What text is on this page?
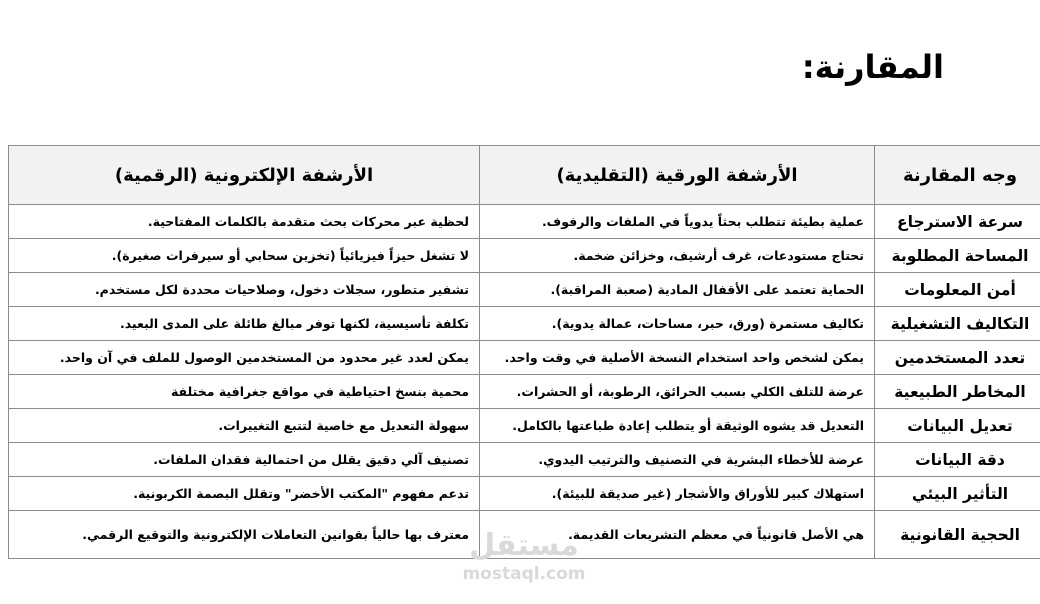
المقارنة:
وجه المقارنة	الأرشفة الورقية (التقليدية)	الأرشفة الإلكترونية (الرقمية)
سرعة الاسترجاع	عملية بطيئة تتطلب بحثاً يدوياً في الملفات والرفوف.	لحظية عبر محركات بحث متقدمة بالكلمات المفتاحية.
المساحة المطلوبة	تحتاج مستودعات، غرف أرشيف، وخزائن ضخمة.	لا تشغل حيزاً فيزيائياً (تخزين سحابي أو سيرفرات صغيرة).
أمن المعلومات	الحماية تعتمد على الأقفال المادية (صعبة المراقبة).	تشفير متطور، سجلات دخول، وصلاحيات محددة لكل مستخدم.
التكاليف التشغيلية	تكاليف مستمرة (ورق، حبر، مساحات، عمالة يدوية).	تكلفة تأسيسية، لكنها توفر مبالغ طائلة على المدى البعيد.
تعدد المستخدمين	يمكن لشخص واحد استخدام النسخة الأصلية في وقت واحد.	يمكن لعدد غير محدود من المستخدمين الوصول للملف في آن واحد.
المخاطر الطبيعية	عرضة للتلف الكلي بسبب الحرائق، الرطوبة، أو الحشرات.	محمية بنسخ احتياطية في مواقع جغرافية مختلفة
تعديل البيانات	التعديل قد يشوه الوثيقة أو يتطلب إعادة طباعتها بالكامل.	سهولة التعديل مع خاصية لتتبع التغييرات.
دقة البيانات	عرضة للأخطاء البشرية في التصنيف والترتيب اليدوي.	تصنيف آلي دقيق يقلل من احتمالية فقدان الملفات.
التأثير البيئي	استهلاك كبير للأوراق والأشجار (غير صديقة للبيئة).	تدعم مفهوم "المكتب الأخضر" وتقلل البصمة الكربونية.
الحجية القانونية	هي الأصل قانونياً في معظم التشريعات القديمة.	معترف بها حالياً بقوانين التعاملات الإلكترونية والتوقيع الرقمي. مستقل
mostaql.com
